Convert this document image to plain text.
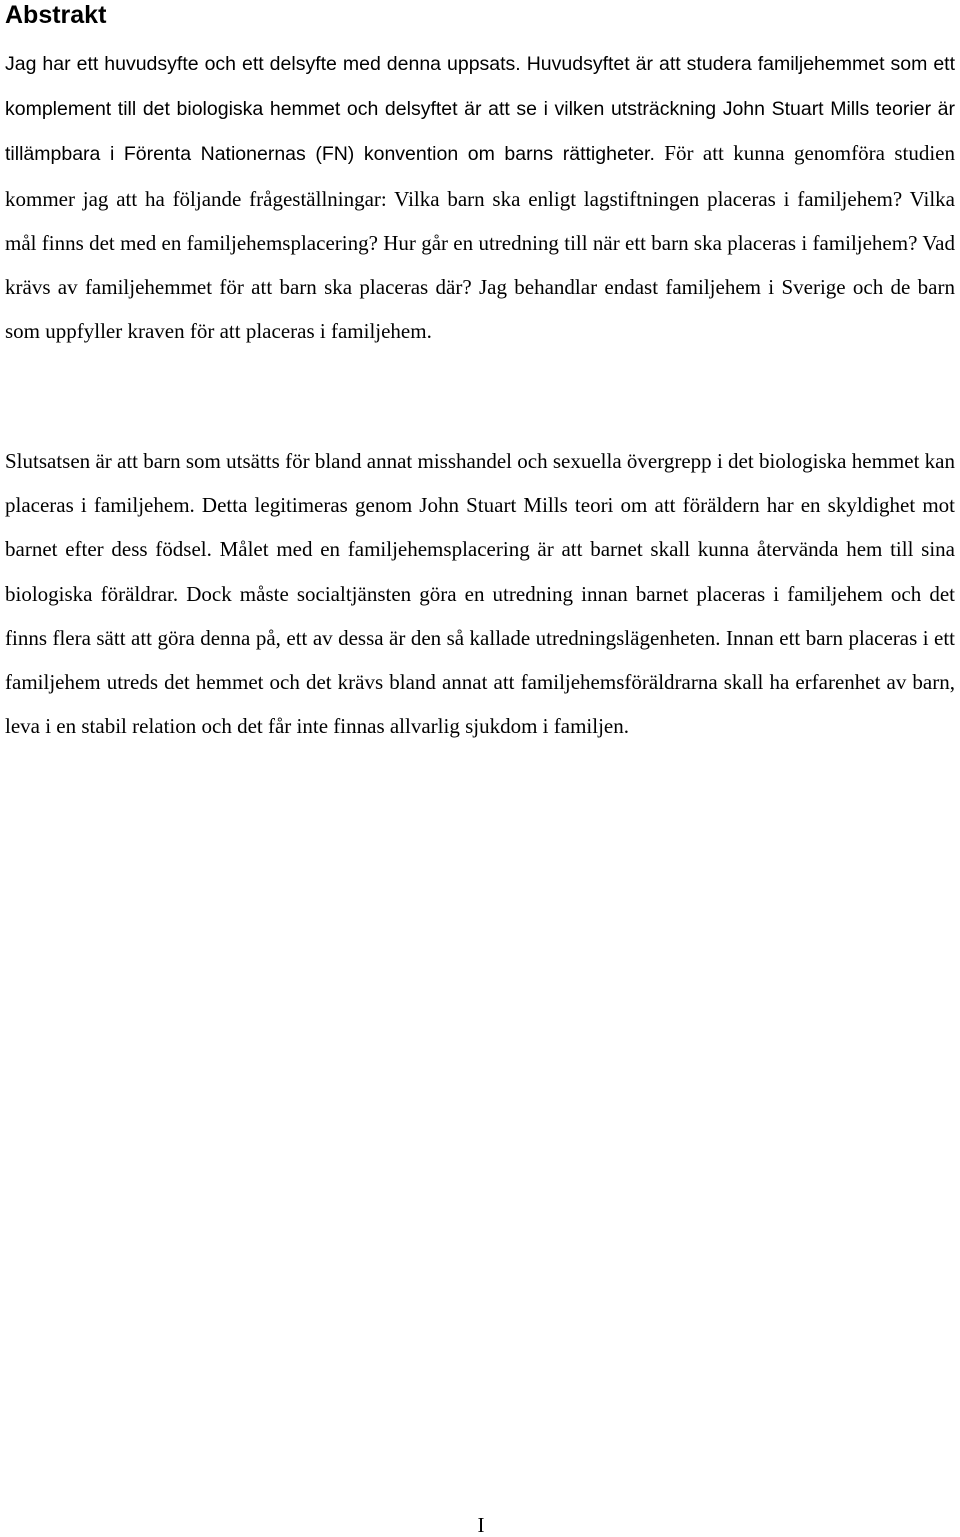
Abstrakt

Jag har ett huvudsyfte och ett delsyfte med denna uppsats. Huvudsyftet är att studera familjehemmet som ett komplement till det biologiska hemmet och delsyftet är att se i vilken utsträckning John Stuart Mills teorier är tillämpbara i Förenta Nationernas (FN) konvention om barns rättigheter. För att kunna genomföra studien kommer jag att ha följande frågeställningar: Vilka barn ska enligt lagstiftningen placeras i familjehem? Vilka mål finns det med en familjehemsplacering? Hur går en utredning till när ett barn ska placeras i familjehem? Vad krävs av familjehemmet för att barn ska placeras där? Jag behandlar endast familjehem i Sverige och de barn som uppfyller kraven för att placeras i familjehem.

Slutsatsen är att barn som utsätts för bland annat misshandel och sexuella övergrepp i det biologiska hemmet kan placeras i familjehem. Detta legitimeras genom John Stuart Mills teori om att föräldern har en skyldighet mot barnet efter dess födsel. Målet med en familjehemsplacering är att barnet skall kunna återvända hem till sina biologiska föräldrar. Dock måste socialtjänsten göra en utredning innan barnet placeras i familjehem och det finns flera sätt att göra denna på, ett av dessa är den så kallade utredningslägenheten. Innan ett barn placeras i ett familjehem utreds det hemmet och det krävs bland annat att familjehemsföräldrarna skall ha erfarenhet av barn, leva i en stabil relation och det får inte finnas allvarlig sjukdom i familjen.

I
